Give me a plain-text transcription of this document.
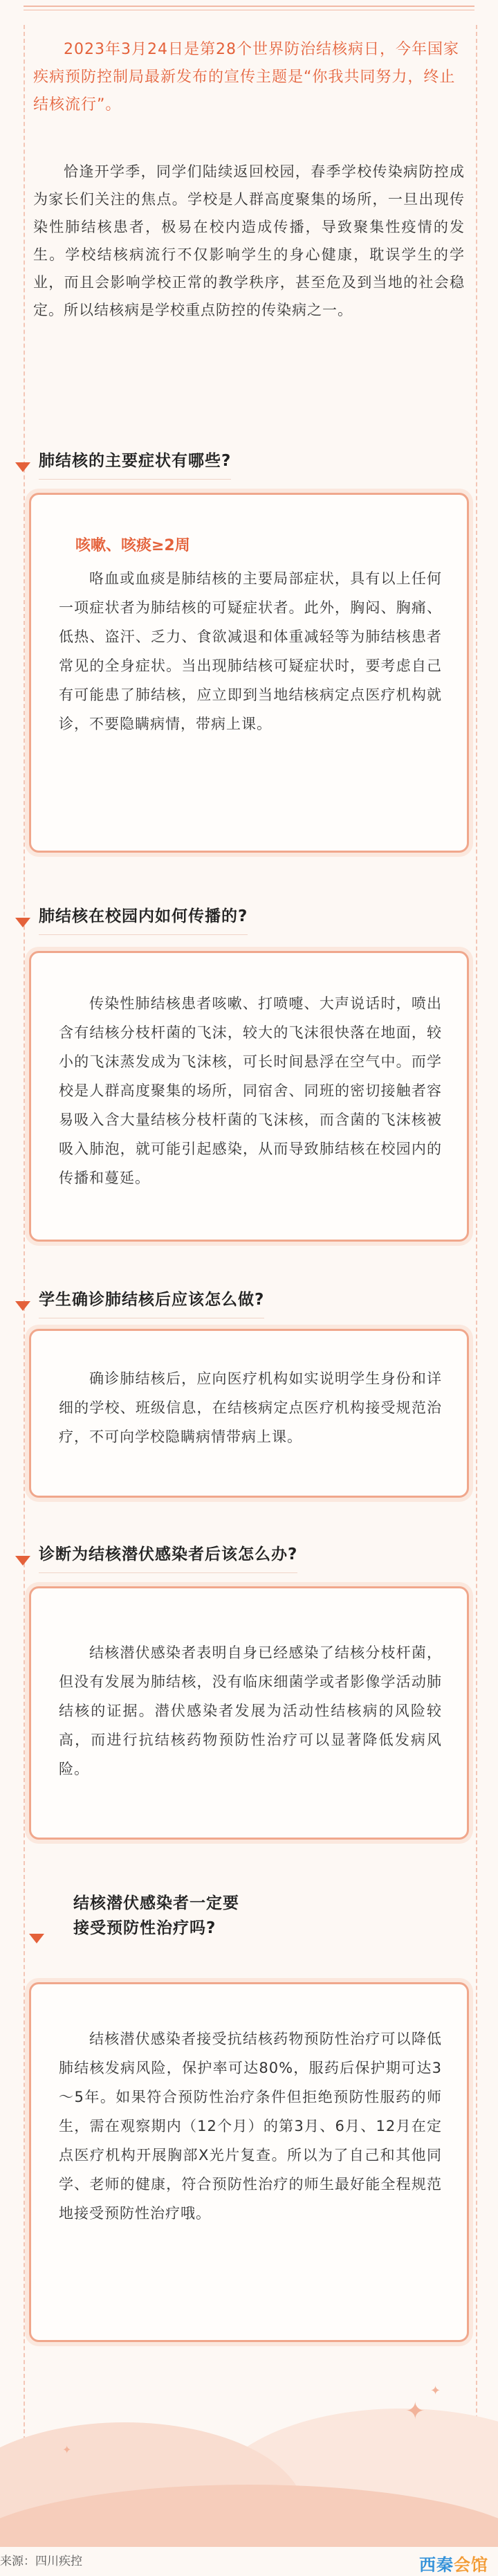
2023年3月24日是第28个世界防治结核病日，今年国家疾病预防控制局最新发布的宣传主题是“你我共同努力，终止结核流行”。
恰逢开学季，同学们陆续返回校园，春季学校传染病防控成为家长们关注的焦点。学校是人群高度聚集的场所，一旦出现传染性肺结核患者，极易在校内造成传播，导致聚集性疫情的发生。学校结核病流行不仅影响学生的身心健康，耽误学生的学业，而且会影响学校正常的教学秩序，甚至危及到当地的社会稳定。所以结核病是学校重点防控的传染病之一。
肺结核的主要症状有哪些?
咳嗽、咳痰≥2周
咯血或血痰是肺结核的主要局部症状，具有以上任何一项症状者为肺结核的可疑症状者。此外，胸闷、胸痛、低热、盗汗、乏力、食欲减退和体重减轻等为肺结核患者常见的全身症状。当出现肺结核可疑症状时，要考虑自己有可能患了肺结核，应立即到当地结核病定点医疗机构就诊，不要隐瞒病情，带病上课。
肺结核在校园内如何传播的?
传染性肺结核患者咳嗽、打喷嚏、大声说话时，喷出含有结核分枝杆菌的飞沫，较大的飞沫很快落在地面，较小的飞沫蒸发成为飞沫核，可长时间悬浮在空气中。而学校是人群高度聚集的场所，同宿舍、同班的密切接触者容易吸入含大量结核分枝杆菌的飞沫核，而含菌的飞沫核被吸入肺泡，就可能引起感染，从而导致肺结核在校园内的传播和蔓延。
学生确诊肺结核后应该怎么做?
确诊肺结核后，应向医疗机构如实说明学生身份和详细的学校、班级信息，在结核病定点医疗机构接受规范治疗，不可向学校隐瞒病情带病上课。
诊断为结核潜伏感染者后该怎么办?
结核潜伏感染者表明自身已经感染了结核分枝杆菌，但没有发展为肺结核，没有临床细菌学或者影像学活动肺结核的证据。潜伏感染者发展为活动性结核病的风险较高，而进行抗结核药物预防性治疗可以显著降低发病风险。
结核潜伏感染者一定要
接受预防性治疗吗?
结核潜伏感染者接受抗结核药物预防性治疗可以降低肺结核发病风险，保护率可达80%，服药后保护期可达3～5年。如果符合预防性治疗条件但拒绝预防性服药的师生，需在观察期内（12个月）的第3月、6月、12月在定点医疗机构开展胸部X光片复查。所以为了自己和其他同学、老师的健康，符合预防性治疗的师生最好能全程规范地接受预防性治疗哦。
✦
✦
✦
来源：四川疾控	西秦会馆
